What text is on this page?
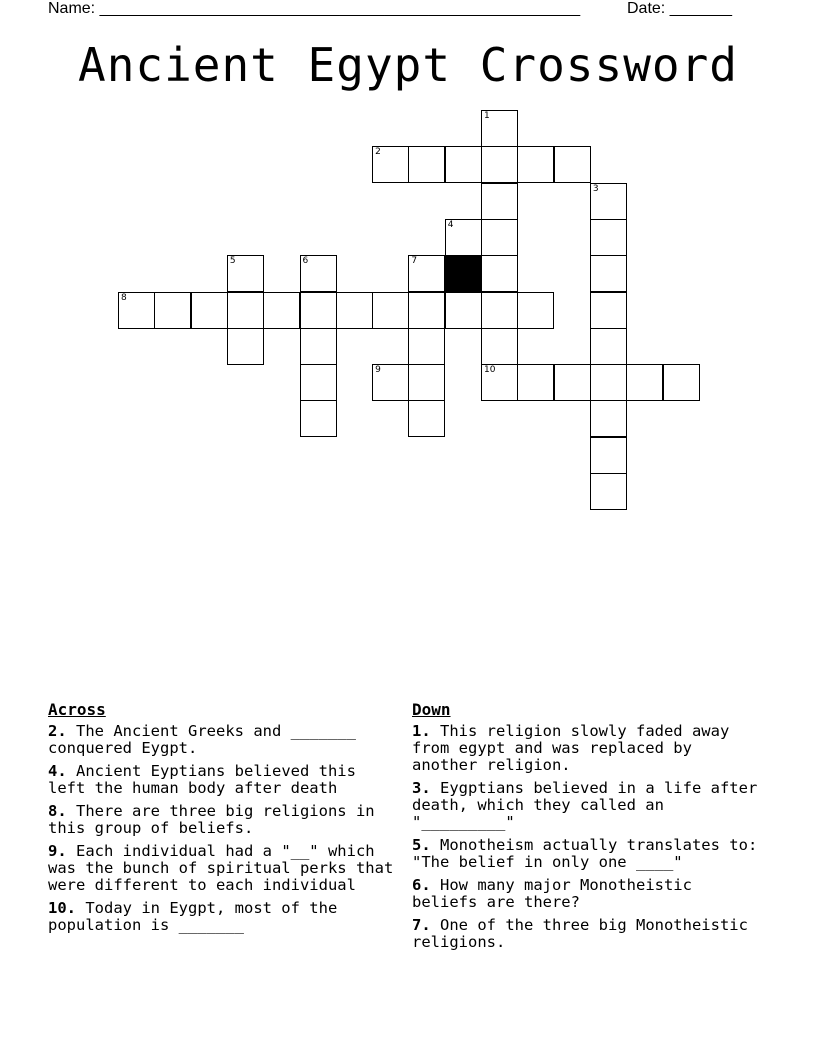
Name: ______________________________________________________	Date: _______
Ancient Egypt Crossword
1
2
3
4
5	6	7
8
9	10
Across
2. The Ancient Greeks and _______ conquered Eygpt.
4. Ancient Eyptians believed this left the human body after death
8. There are three big religions in this group of beliefs.
9. Each individual had a "__" which was the bunch of spiritual perks that were different to each individual
10. Today in Eygpt, most of the population is _______
Down
1. This religion slowly faded away from egypt and was replaced by another religion.
3. Eygptians believed in a life after death, which they called an "_________"
5. Monotheism actually translates to: "The belief in only one ____"
6. How many major Monotheistic beliefs are there?
7. One of the three big Monotheistic religions.
